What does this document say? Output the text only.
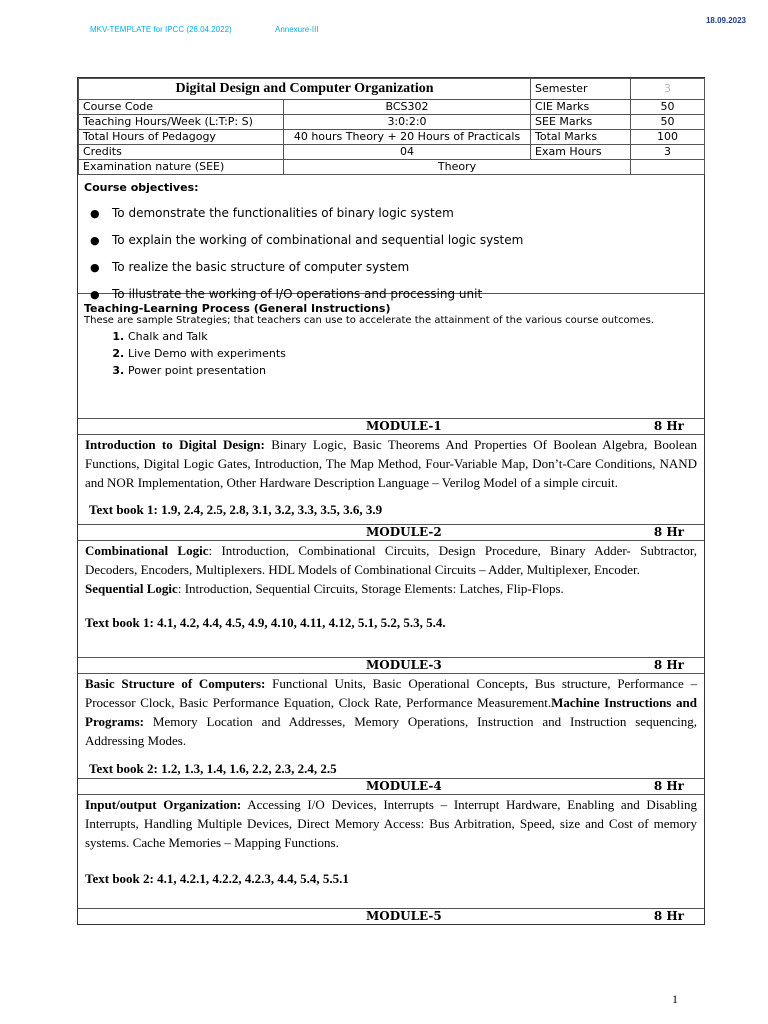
MKV-TEMPLATE for IPCC (26.04.2022)	Annexure-III
18.09.2023
Digital Design and Computer Organization		Semester	3
Course Code	BCS302	CIE Marks	50
Teaching Hours/Week (L:T:P: S)	3:0:2:0	SEE Marks	50
Total Hours of Pedagogy	40 hours Theory + 20 Hours of Practicals	Total Marks	100
Credits	04	Exam Hours	3
Examination nature (SEE)	Theory		
Course objectives:
● To demonstrate the functionalities of binary logic system
● To explain the working of combinational and sequential logic system
● To realize the basic structure of computer system
● To illustrate the working of I/O operations and processing unit
Teaching-Learning Process (General Instructions)

These are sample Strategies; that teachers can use to accelerate the attainment of the various course outcomes.

1. Chalk and Talk
2. Live Demo with experiments
3. Power point presentation
MODULE-1	8 Hr

Introduction to Digital Design: Binary Logic, Basic Theorems And Properties Of Boolean Algebra, Boolean Functions, Digital Logic Gates, Introduction, The Map Method, Four-Variable Map, Don’t-Care Conditions, NAND and NOR Implementation, Other Hardware Description Language – Verilog Model of a simple circuit.

Text book 1: 1.9, 2.4, 2.5, 2.8, 3.1, 3.2, 3.3, 3.5, 3.6, 3.9
MODULE-2	8 Hr

Combinational Logic: Introduction, Combinational Circuits, Design Procedure, Binary Adder- Subtractor, Decoders, Encoders, Multiplexers. HDL Models of Combinational Circuits – Adder, Multiplexer, Encoder.

Sequential Logic: Introduction, Sequential Circuits, Storage Elements: Latches, Flip-Flops.

Text book 1: 4.1, 4.2, 4.4, 4.5, 4.9, 4.10, 4.11, 4.12, 5.1, 5.2, 5.3, 5.4.
MODULE-3	8 Hr

Basic Structure of Computers: Functional Units, Basic Operational Concepts, Bus structure, Performance – Processor Clock, Basic Performance Equation, Clock Rate, Performance Measurement.Machine Instructions and Programs: Memory Location and Addresses, Memory Operations, Instruction and Instruction sequencing, Addressing Modes.

Text book 2: 1.2, 1.3, 1.4, 1.6, 2.2, 2.3, 2.4, 2.5
MODULE-4	8 Hr

Input/output Organization: Accessing I/O Devices, Interrupts – Interrupt Hardware, Enabling and Disabling Interrupts, Handling Multiple Devices, Direct Memory Access: Bus Arbitration, Speed, size and Cost of memory systems. Cache Memories – Mapping Functions.

Text book 2: 4.1, 4.2.1, 4.2.2, 4.2.3, 4.4, 5.4, 5.5.1
MODULE-5	8 Hr
1
